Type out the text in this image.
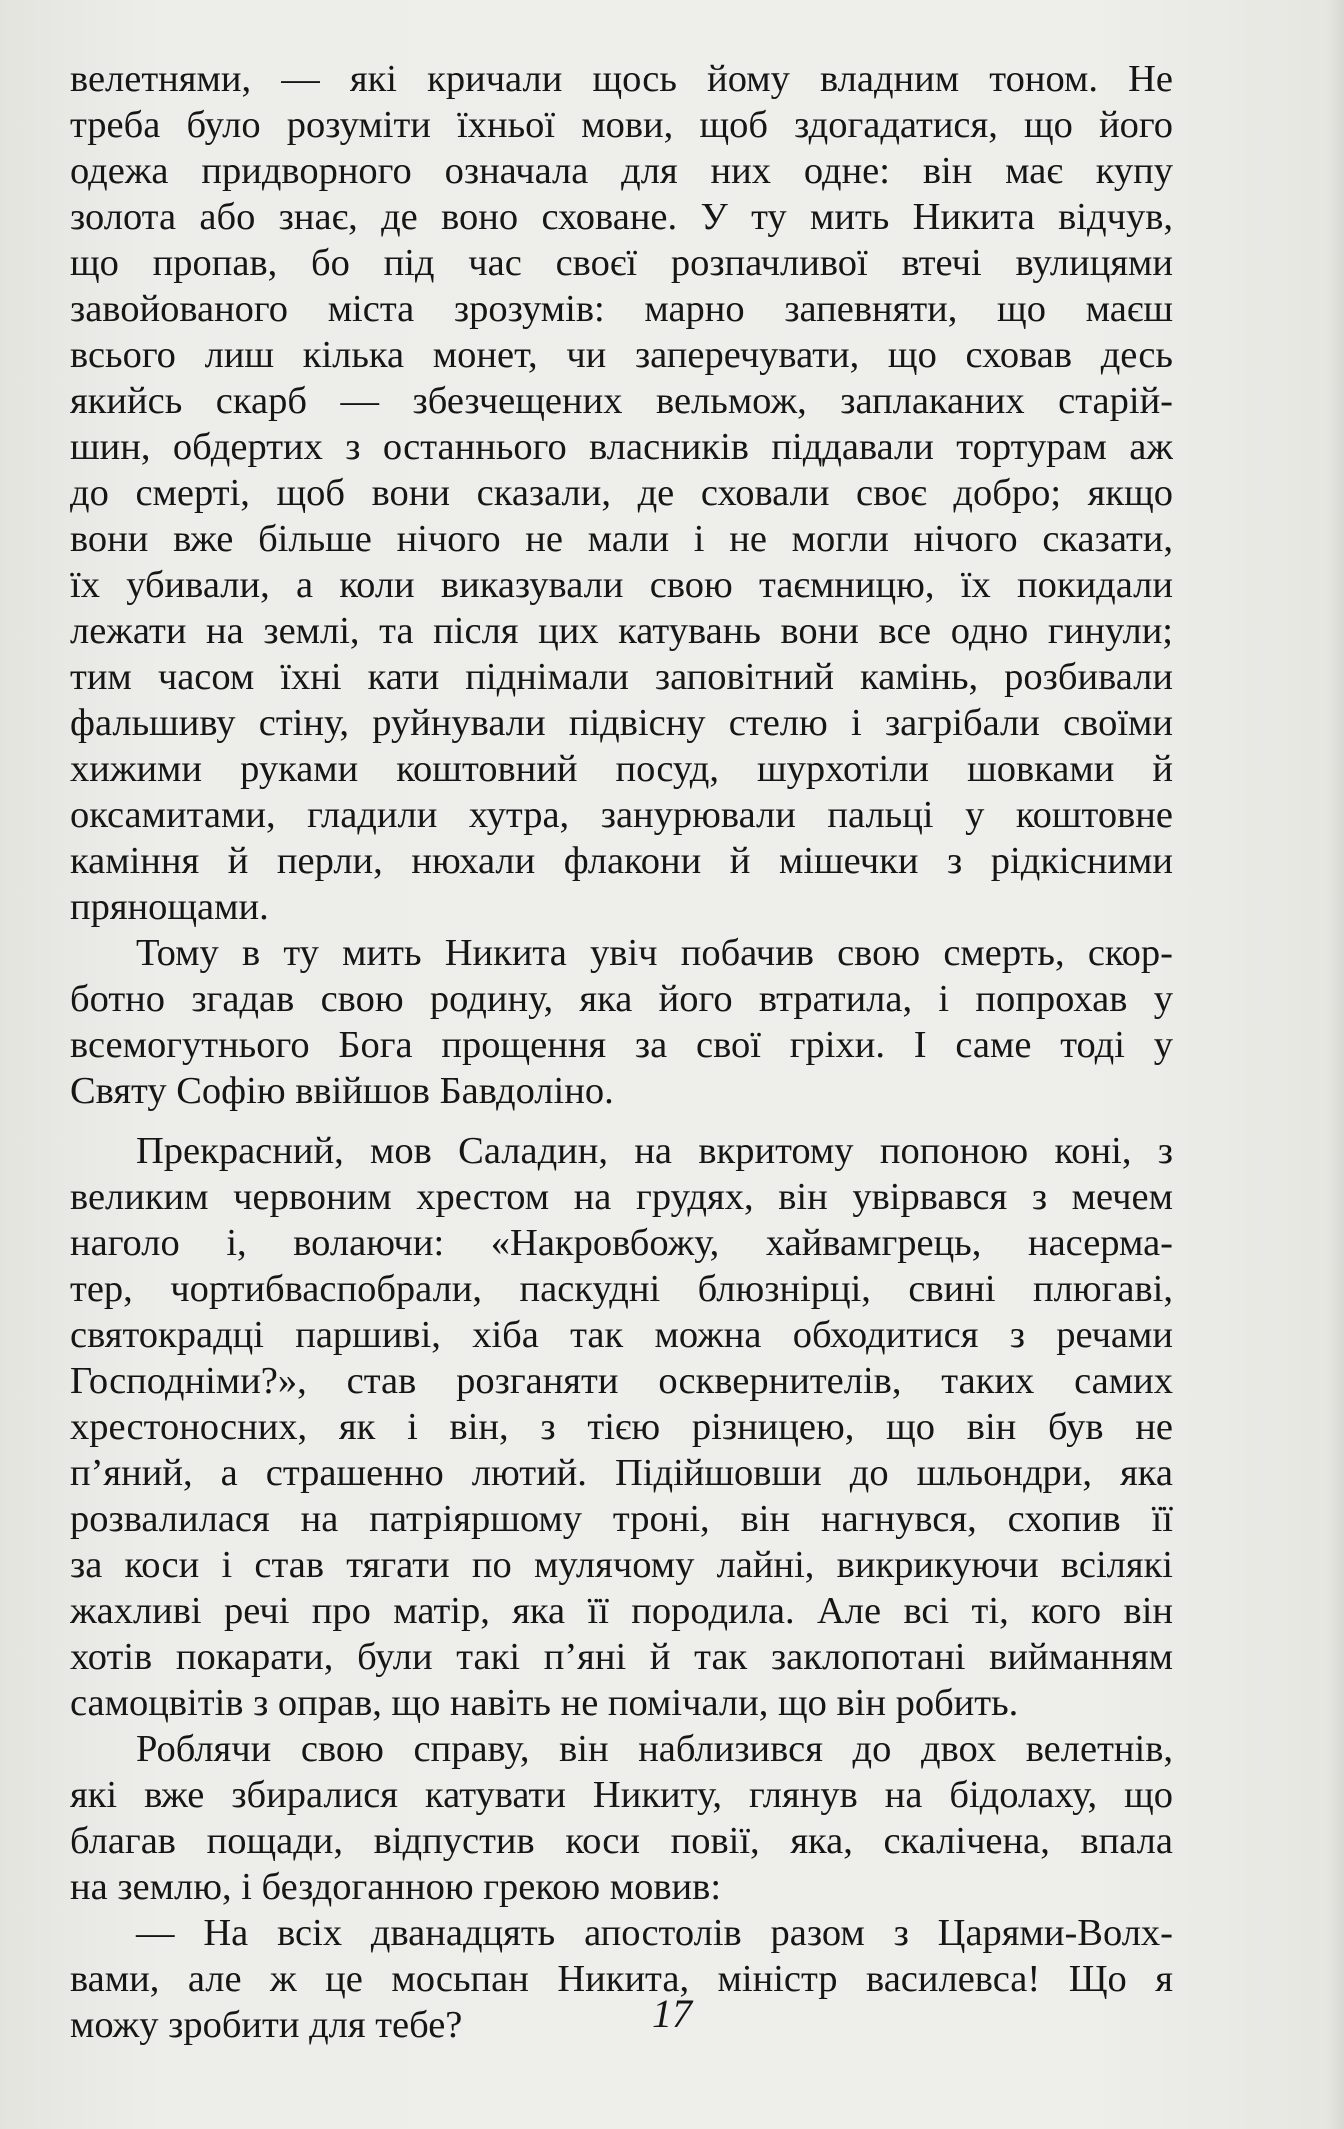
велетнями, — які кричали щось йому владним тоном. Не
треба було розуміти їхньої мови, щоб здогадатися, що його
одежа придворного означала для них одне: він має купу
золота або знає, де воно сховане. У ту мить Никита відчув,
що пропав, бо під час своєї розпачливої втечі вулицями
завойованого міста зрозумів: марно запевняти, що маєш
всього лиш кілька монет, чи заперечувати, що сховав десь
якийсь скарб — збезчещених вельмож, заплаканих старій-
шин, обдертих з останнього власників піддавали тортурам аж
до смерті, щоб вони сказали, де сховали своє добро; якщо
вони вже більше нічого не мали і не могли нічого сказати,
їх убивали, а коли виказували свою таємницю, їх покидали
лежати на землі, та після цих катувань вони все одно гинули;
тим часом їхні кати піднімали заповітний камінь, розбивали
фальшиву стіну, руйнували підвісну стелю і загрібали своїми
хижими руками коштовний посуд, шурхотіли шовками й
оксамитами, гладили хутра, занурювали пальці у коштовне
каміння й перли, нюхали флакони й мішечки з рідкісними
прянощами.
Тому в ту мить Никита увіч побачив свою смерть, скор-
ботно згадав свою родину, яка його втратила, і попрохав у
всемогутнього Бога прощення за свої гріхи. І саме тоді у
Святу Софію ввійшов Бавдоліно.
Прекрасний, мов Саладин, на вкритому попоною коні, з
великим червоним хрестом на грудях, він увірвався з мечем
наголо і, волаючи: «Накровбожу, хайвамгрець, насерма-
тер, чортибваспобрали, паскудні блюзнірці, свині плюгаві,
святокрадці паршиві, хіба так можна обходитися з речами
Господніми?», став розганяти осквернителів, таких самих
хрестоносних, як і він, з тією різницею, що він був не
п’яний, а страшенно лютий. Підійшовши до шльондри, яка
розвалилася на патріяршому троні, він нагнувся, схопив її
за коси і став тягати по мулячому лайні, викрикуючи всілякі
жахливі речі про матір, яка її породила. Але всі ті, кого він
хотів покарати, були такі п’яні й так заклопотані вийманням
самоцвітів з оправ, що навіть не помічали, що він робить.
Роблячи свою справу, він наблизився до двох велетнів,
які вже збиралися катувати Никиту, глянув на бідолаху, що
благав пощади, відпустив коси повії, яка, скалічена, впала
на землю, і бездоганною грекою мовив:
— На всіх дванадцять апостолів разом з Царями-Волх-
вами, але ж це мосьпан Никита, міністр василевса! Що я
можу зробити для тебе?	17
